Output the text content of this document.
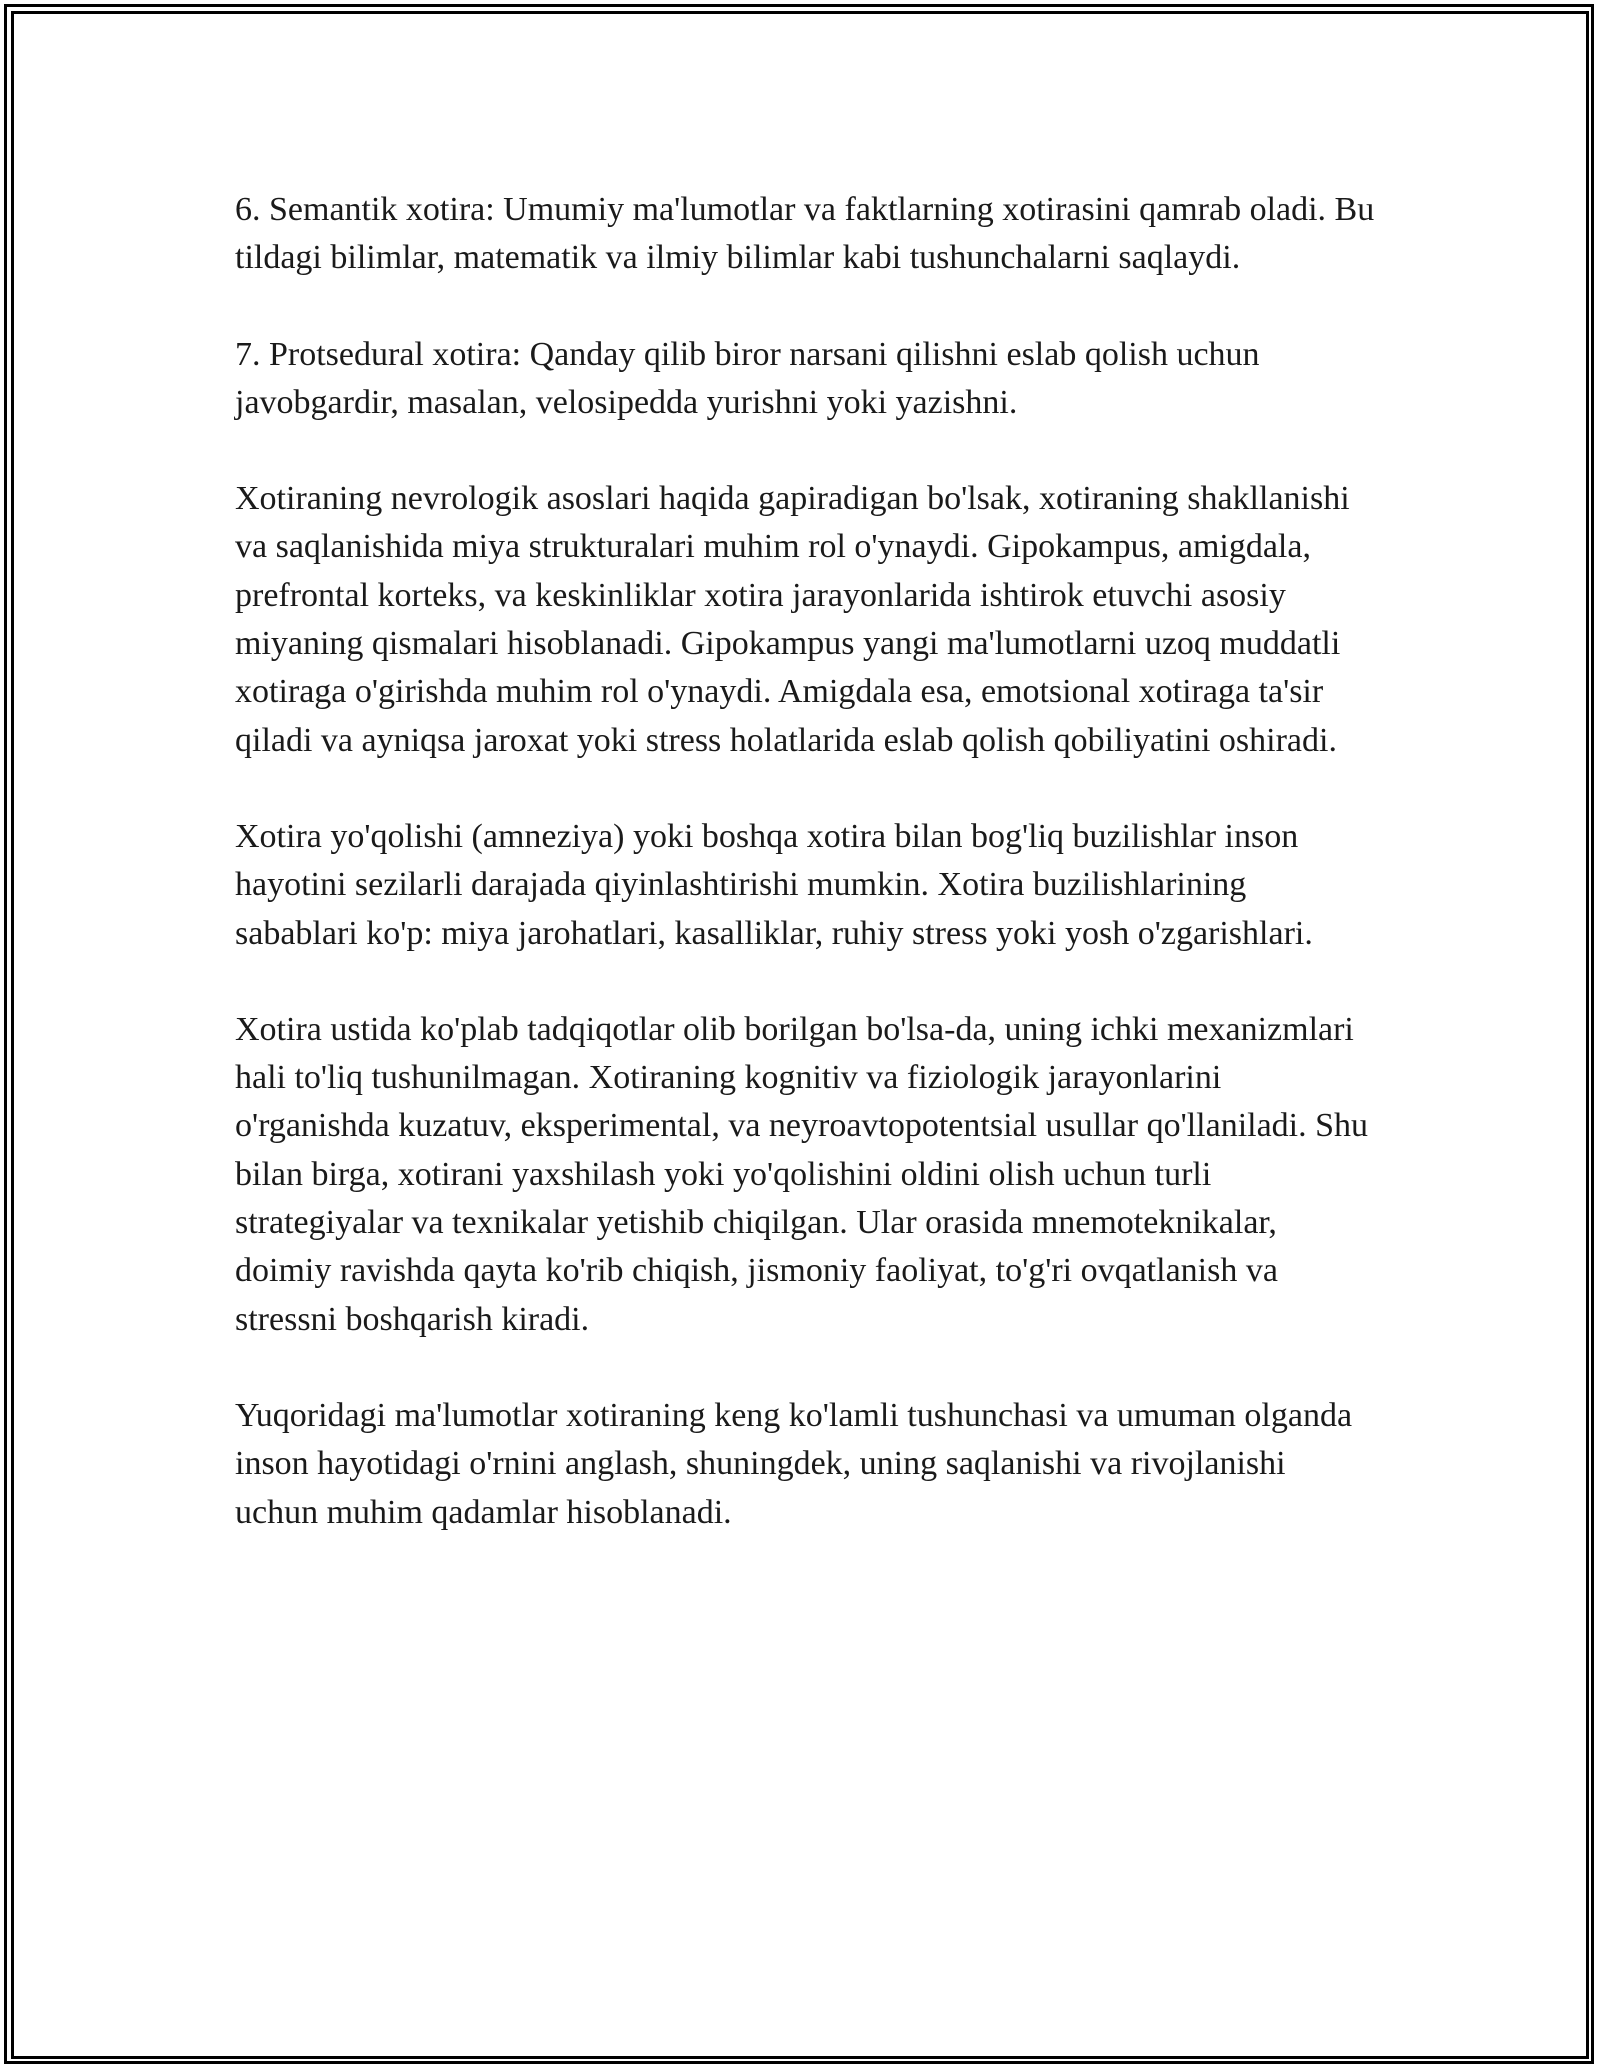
6. Semantik xotira: Umumiy ma'lumotlar va faktlarning xotirasini qamrab oladi. Bu tildagi bilimlar, matematik va ilmiy bilimlar kabi tushunchalarni saqlaydi.

7. Protsedural xotira: Qanday qilib biror narsani qilishni eslab qolish uchun javobgardir, masalan, velosipedda yurishni yoki yazishni.

Xotiraning nevrologik asoslari haqida gapiradigan bo'lsak, xotiraning shakllanishi va saqlanishida miya strukturalari muhim rol o'ynaydi. Gipokampus, amigdala, prefrontal korteks, va keskinliklar xotira jarayonlarida ishtirok etuvchi asosiy miyaning qismalari hisoblanadi. Gipokampus yangi ma'lumotlarni uzoq muddatli xotiraga o'girishda muhim rol o'ynaydi. Amigdala esa, emotsional xotiraga ta'sir qiladi va ayniqsa jaroxat yoki stress holatlarida eslab qolish qobiliyatini oshiradi.

Xotira yo'qolishi (amneziya) yoki boshqa xotira bilan bog'liq buzilishlar inson hayotini sezilarli darajada qiyinlashtirishi mumkin. Xotira buzilishlarining sabablari ko'p: miya jarohatlari, kasalliklar, ruhiy stress yoki yosh o'zgarishlari.

Xotira ustida ko'plab tadqiqotlar olib borilgan bo'lsa-da, uning ichki mexanizmlari hali to'liq tushunilmagan. Xotiraning kognitiv va fiziologik jarayonlarini o'rganishda kuzatuv, eksperimental, va neyroavtopotentsial usullar qo'llaniladi. Shu bilan birga, xotirani yaxshilash yoki yo'qolishini oldini olish uchun turli strategiyalar va texnikalar yetishib chiqilgan. Ular orasida mnemoteknikalar, doimiy ravishda qayta ko'rib chiqish, jismoniy faoliyat, to'g'ri ovqatlanish va stressni boshqarish kiradi.

Yuqoridagi ma'lumotlar xotiraning keng ko'lamli tushunchasi va umuman olganda inson hayotidagi o'rnini anglash, shuningdek, uning saqlanishi va rivojlanishi uchun muhim qadamlar hisoblanadi.
